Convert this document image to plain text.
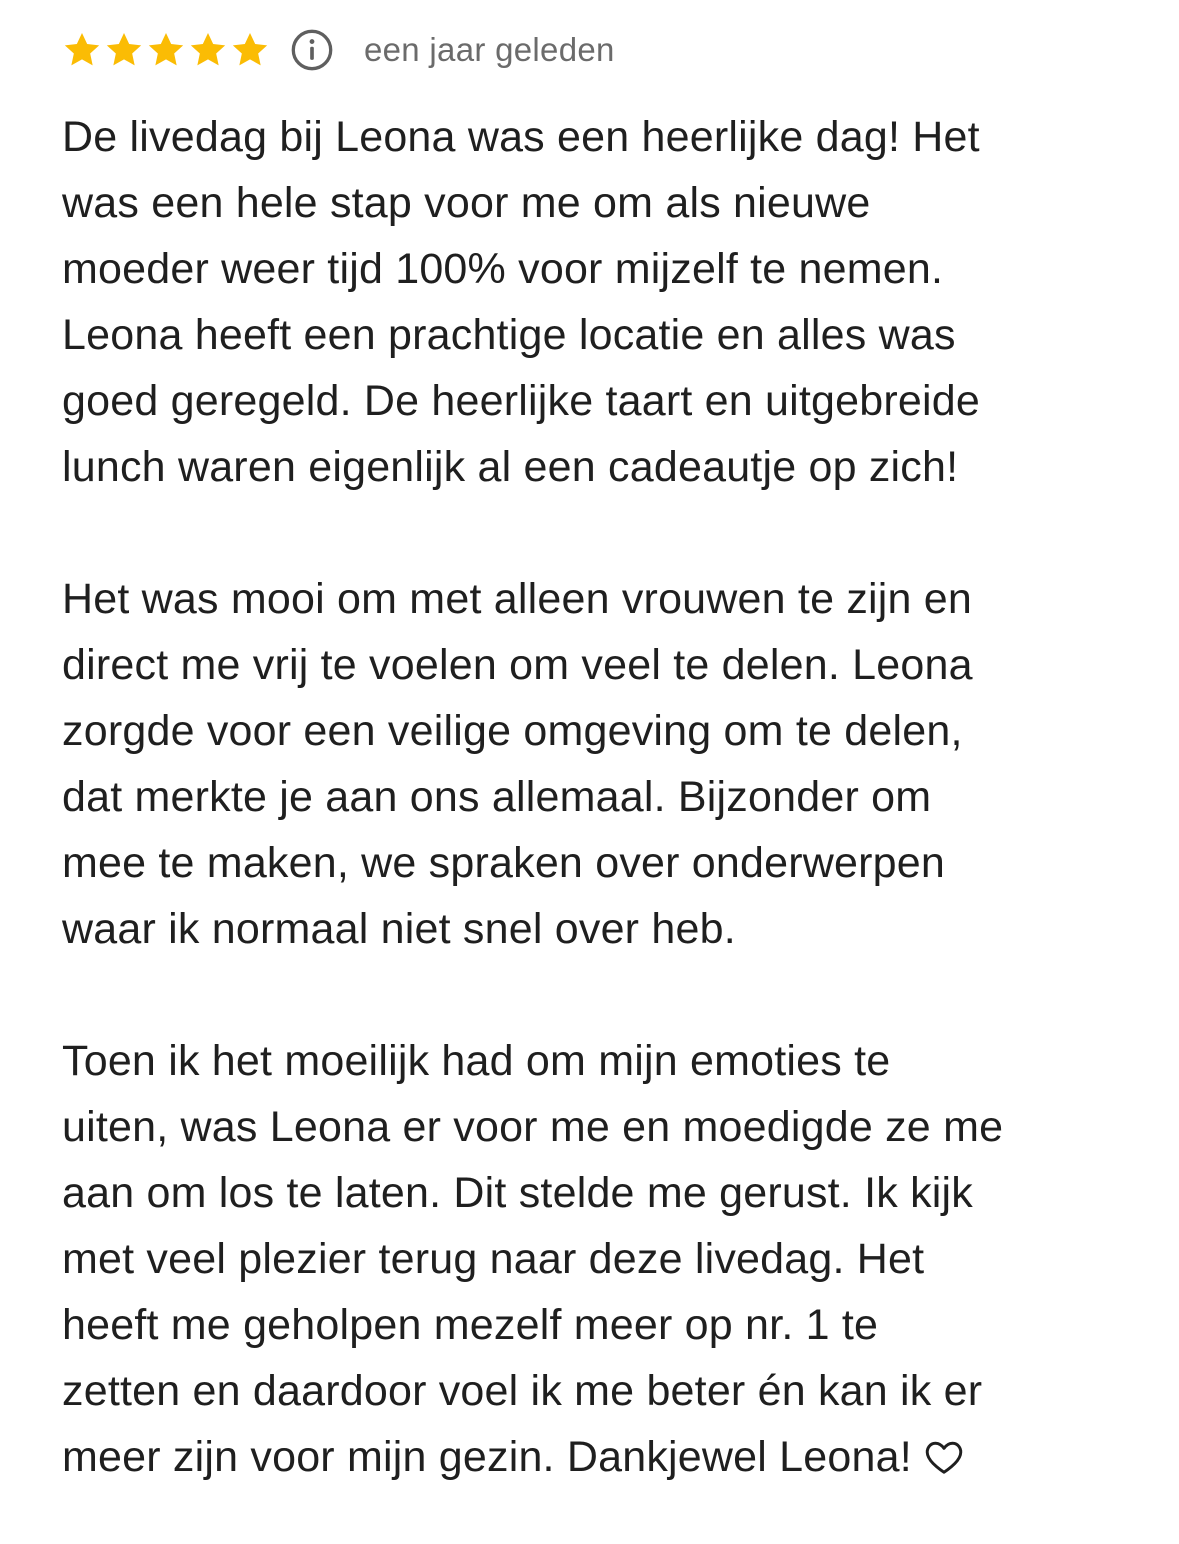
een jaar geleden

De livedag bij Leona was een heerlijke dag! Het
was een hele stap voor me om als nieuwe
moeder weer tijd 100% voor mijzelf te nemen.
Leona heeft een prachtige locatie en alles was
goed geregeld. De heerlijke taart en uitgebreide
lunch waren eigenlijk al een cadeautje op zich!

Het was mooi om met alleen vrouwen te zijn en
direct me vrij te voelen om veel te delen. Leona
zorgde voor een veilige omgeving om te delen,
dat merkte je aan ons allemaal. Bijzonder om
mee te maken, we spraken over onderwerpen
waar ik normaal niet snel over heb.

Toen ik het moeilijk had om mijn emoties te
uiten, was Leona er voor me en moedigde ze me
aan om los te laten. Dit stelde me gerust. Ik kijk
met veel plezier terug naar deze livedag. Het
heeft me geholpen mezelf meer op nr. 1 te
zetten en daardoor voel ik me beter én kan ik er
meer zijn voor mijn gezin. Dankjewel Leona!
